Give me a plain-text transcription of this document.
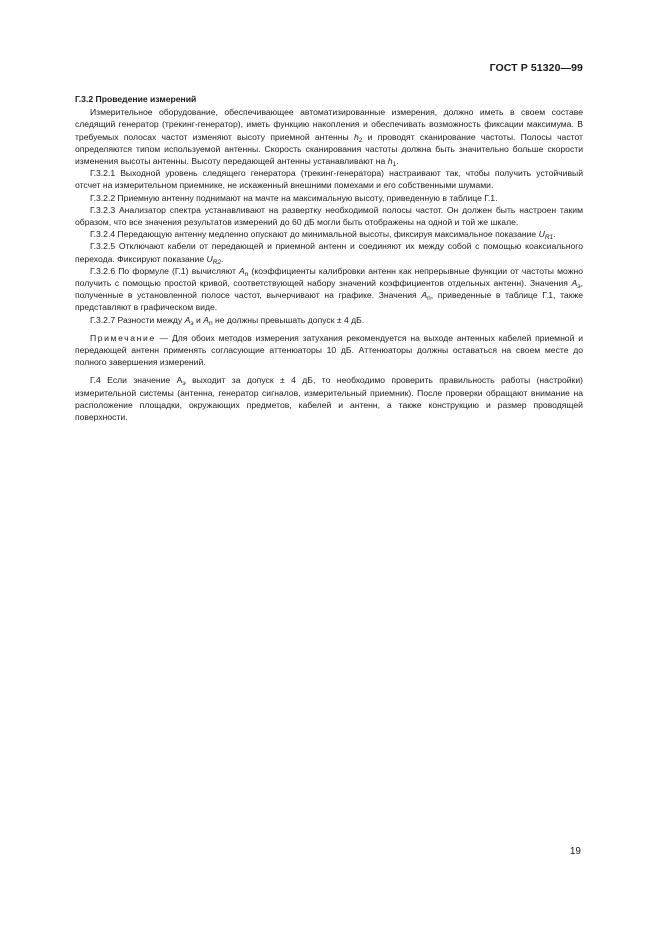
ГОСТ Р 51320—99

Г.3.2 Проведение измерений

Измерительное оборудование, обеспечивающее автоматизированные измерения, должно иметь в своем составе следящий генератор (трекинг-генератор), иметь функцию накопления и обеспечивать возможность фиксации максимума. В требуемых полосах частот изменяют высоту приемной антенны $h_2$ и проводят сканирование частоты. Полосы частот определяются типом используемой антенны. Скорость сканирования частоты должна быть значительно больше скорости изменения высоты антенны. Высоту передающей антенны устанавливают на $h_1$.

Г.3.2.1 Выходной уровень следящего генератора (трекинг-генератора) настраивают так, чтобы получить устойчивый отсчет на измерительном приемнике, не искаженный внешними помехами и его собственными шумами.

Г.3.2.2 Приемную антенну поднимают на мачте на максимальную высоту, приведенную в таблице Г.1.

Г.3.2.3 Анализатор спектра устанавливают на развертку необходимой полосы частот. Он должен быть настроен таким образом, что все значения результатов измерений до 60 дБ могли быть отображены на одной и той же шкале.

Г.3.2.4 Передающую антенну медленно опускают до минимальной высоты, фиксируя максимальное показание $U_{R1}$.

Г.3.2.5 Отключают кабели от передающей и приемной антенн и соединяют их между собой с помощью коаксиального перехода. Фиксируют показание $U_{R2}$.

Г.3.2.6 По формуле (Г.1) вычисляют $A_n$ (коэффициенты калибровки антенн как непрерывные функции от частоты можно получить с помощью простой кривой, соответствующей набору значений коэффициентов отдельных антенн). Значения $A_э$, полученные в установленной полосе частот, вычерчивают на графике. Значения $A_n$, приведенные в таблице Г.1, также представляют в графическом виде.

Г.3.2.7 Разности между $A_э$ и $A_n$ не должны превышать допуск ± 4 дБ.

Примечание — Для обоих методов измерения затухания рекомендуется на выходе антенных кабелей приемной и передающей антенн применять согласующие аттенюаторы 10 дБ. Аттенюаторы должны оставаться на своем месте до полного завершения измерений.

Г.4 Если значение $А_э$ выходит за допуск ± 4 дБ, то необходимо проверить правильность работы (настройки) измерительной системы (антенна, генератор сигналов, измерительный приемник). После проверки обращают внимание на расположение площадки, окружающих предметов, кабелей и антенн, а также конструкцию и размер проводящей поверхности.

19
